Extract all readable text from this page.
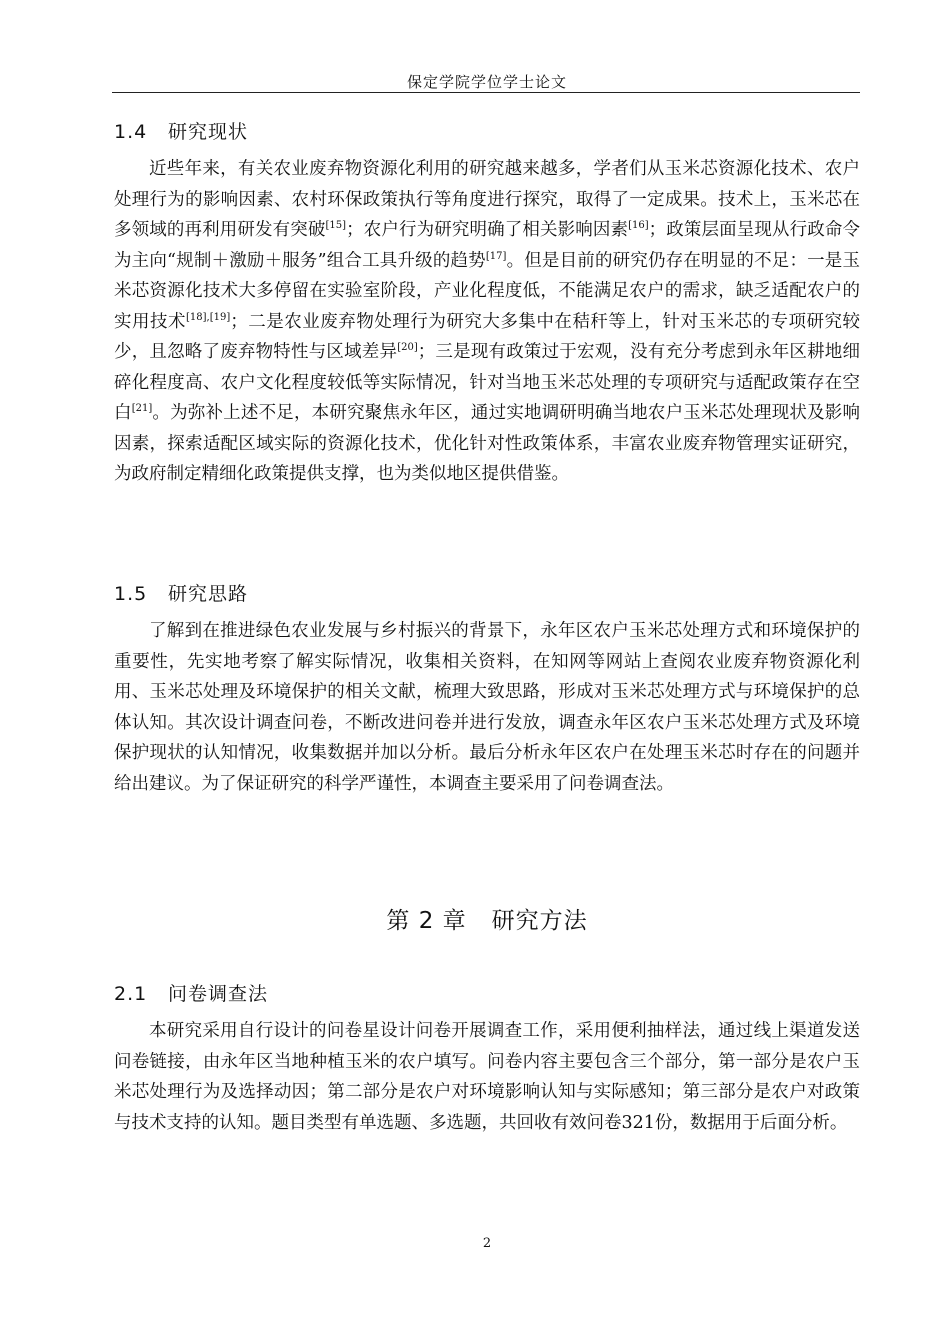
保定学院学位学士论文
1.4 研究现状

近些年来，有关农业废弃物资源化利用的研究越来越多，学者们从玉米芯资源化技术、农户处理行为的影响因素、农村环保政策执行等角度进行探究，取得了一定成果。技术上，玉米芯在多领域的再利用研发有突破[15]；农户行为研究明确了相关影响因素[16]；政策层面呈现从行政命令为主向“规制＋激励＋服务”组合工具升级的趋势[17]。但是目前的研究仍存在明显的不足：一是玉米芯资源化技术大多停留在实验室阶段，产业化程度低，不能满足农户的需求，缺乏适配农户的实用技术[18],[19]；二是农业废弃物处理行为研究大多集中在秸秆等上，针对玉米芯的专项研究较少，且忽略了废弃物特性与区域差异[20]；三是现有政策过于宏观，没有充分考虑到永年区耕地细碎化程度高、农户文化程度较低等实际情况，针对当地玉米芯处理的专项研究与适配政策存在空白[21]。为弥补上述不足，本研究聚焦永年区，通过实地调研明确当地农户玉米芯处理现状及影响因素，探索适配区域实际的资源化技术，优化针对性政策体系，丰富农业废弃物管理实证研究，为政府制定精细化政策提供支撑，也为类似地区提供借鉴。

1.5 研究思路

了解到在推进绿色农业发展与乡村振兴的背景下，永年区农户玉米芯处理方式和环境保护的重要性，先实地考察了解实际情况，收集相关资料，在知网等网站上查阅农业废弃物资源化利用、玉米芯处理及环境保护的相关文献，梳理大致思路，形成对玉米芯处理方式与环境保护的总体认知。其次设计调查问卷，不断改进问卷并进行发放，调查永年区农户玉米芯处理方式及环境保护现状的认知情况，收集数据并加以分析。最后分析永年区农户在处理玉米芯时存在的问题并给出建议。为了保证研究的科学严谨性，本调查主要采用了问卷调查法。

第 2 章   研究方法
2.1 问卷调查法

本研究采用自行设计的问卷星设计问卷开展调查工作，采用便利抽样法，通过线上渠道发送问卷链接，由永年区当地种植玉米的农户填写。问卷内容主要包含三个部分，第一部分是农户玉米芯处理行为及选择动因；第二部分是农户对环境影响认知与实际感知；第三部分是农户对政策与技术支持的认知。题目类型有单选题、多选题，共回收有效问卷321份，数据用于后面分析。

2
